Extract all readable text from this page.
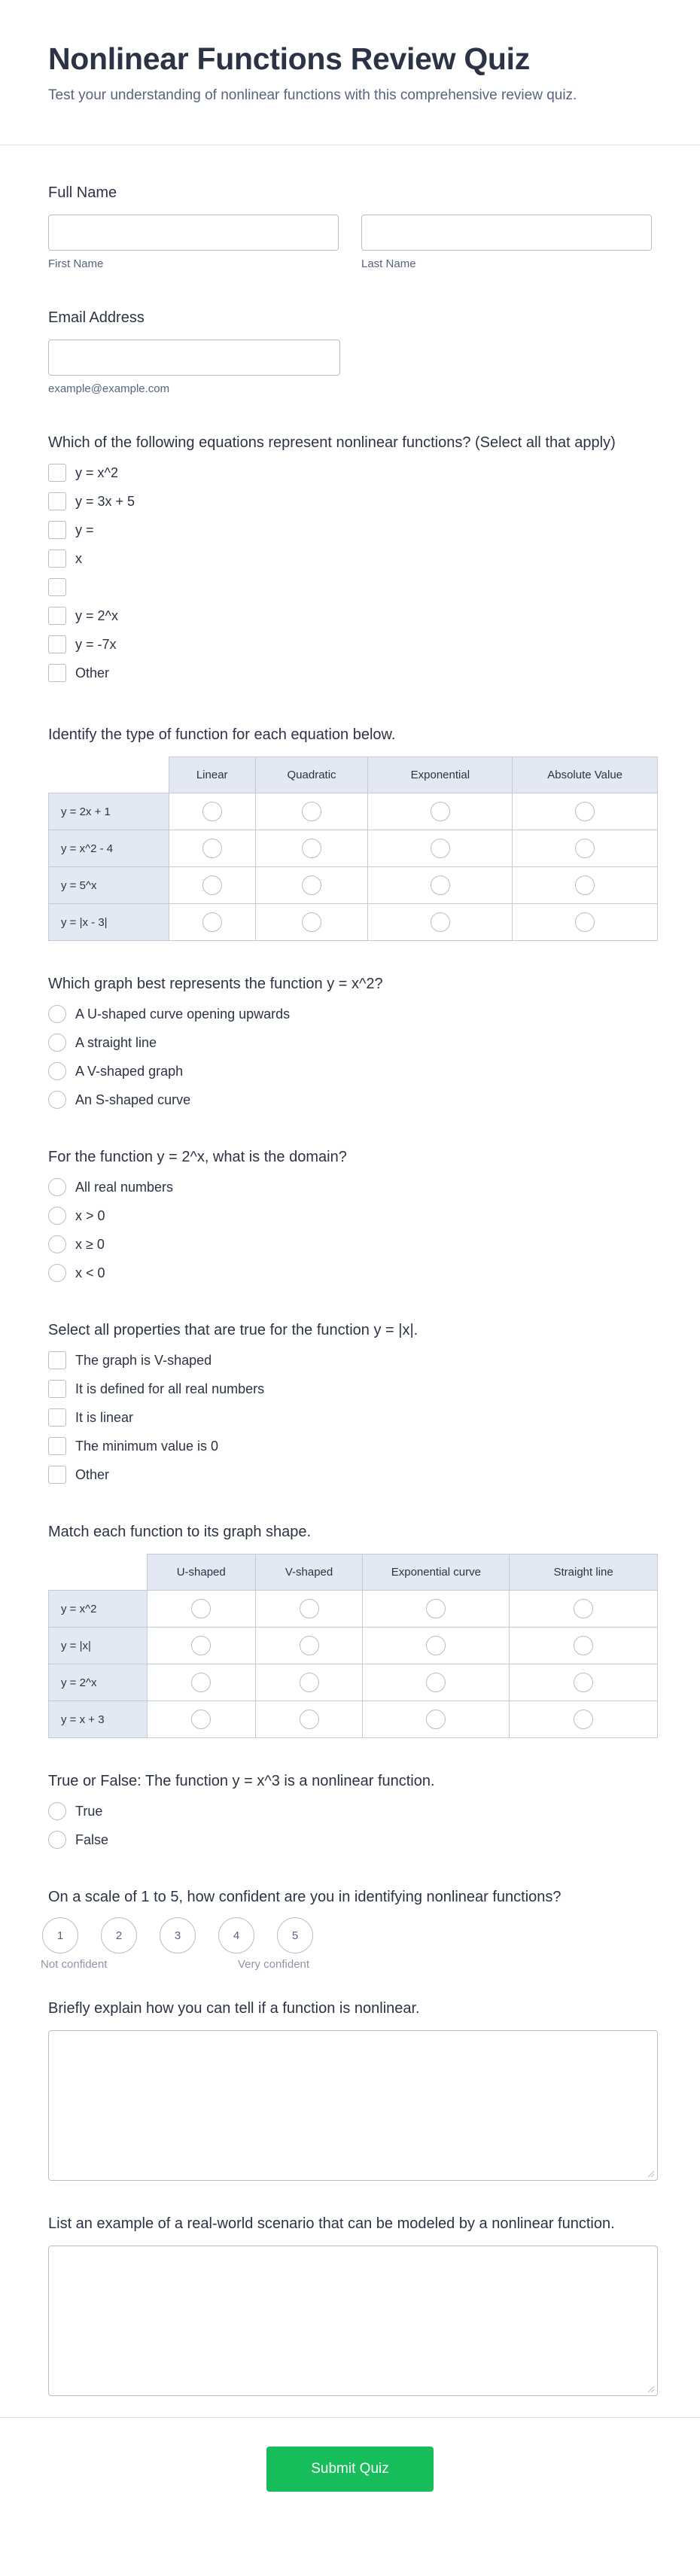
Nonlinear Functions Review Quiz

Test your understanding of nonlinear functions with this comprehensive review quiz.

Full Name
First Name	Last Name
Email Address
example@example.com
Which of the following equations represent nonlinear functions? (Select all that apply)
y = x^2
y = 3x + 5
y =
x
y = 2^x
y = -7x
Other
Identify the type of function for each equation below.
	Linear	Quadratic	Exponential	Absolute Value
y = 2x + 1				
y = x^2 - 4				
y = 5^x				
y = |x - 3|				
Which graph best represents the function y = x^2?
A U-shaped curve opening upwards
A straight line
A V-shaped graph
An S-shaped curve
For the function y = 2^x, what is the domain?
All real numbers
x > 0
x ≥ 0
x < 0
Select all properties that are true for the function y = |x|.
The graph is V-shaped
It is defined for all real numbers
It is linear
The minimum value is 0
Other
Match each function to its graph shape.
	U-shaped	V-shaped	Exponential curve	Straight line
y = x^2				
y = |x|				
y = 2^x				
y = x + 3				
True or False: The function y = x^3 is a nonlinear function.
True
False
On a scale of 1 to 5, how confident are you in identifying nonlinear functions?
1	2	3	4	5
Not confident	Very confident
Briefly explain how you can tell if a function is nonlinear.
List an example of a real-world scenario that can be modeled by a nonlinear function.
Submit Quiz
